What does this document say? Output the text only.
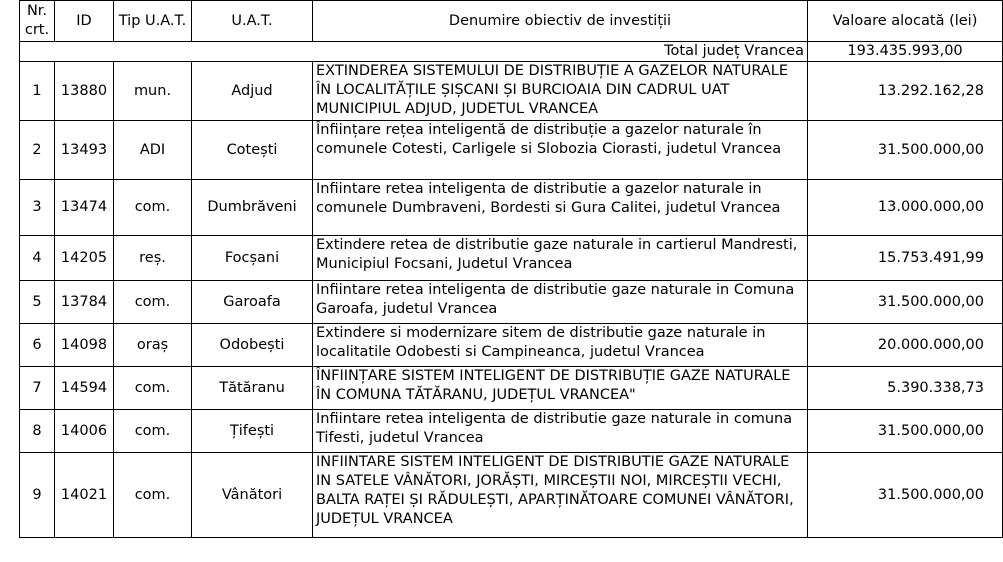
Nr. crt.	ID	Tip U.A.T.	U.A.T.	Denumire obiectiv de investiții	Valoare alocată (lei)
Total județ Vrancea					193.435.993,00
1	13880	mun.	Adjud	EXTINDEREA SISTEMULUI DE DISTRIBUȚIE A GAZELOR NATURALE ÎN LOCALITĂȚILE ȘIȘCANI ȘI BURCIOAIA DIN CADRUL UAT MUNICIPIUL ADJUD, JUDETUL VRANCEA	13.292.162,28
2	13493	ADI	Cotești	Înființare rețea inteligentă de distribuție a gazelor naturale în comunele Cotesti, Carligele si Slobozia Ciorasti, judetul Vrancea	31.500.000,00
3	13474	com.	Dumbrăveni	Infiintare retea inteligenta de distributie a gazelor naturale in comunele Dumbraveni, Bordesti si Gura Calitei, judetul Vrancea	13.000.000,00
4	14205	reș.	Focșani	Extindere retea de distributie gaze naturale in cartierul Mandresti, Municipiul Focsani, Judetul Vrancea	15.753.491,99
5	13784	com.	Garoafa	Infiintare retea inteligenta de distributie gaze naturale in Comuna Garoafa, judetul Vrancea	31.500.000,00
6	14098	oraș	Odobești	Extindere si modernizare sitem de distributie gaze naturale in localitatile Odobesti si Campineanca, judetul Vrancea	20.000.000,00
7	14594	com.	Tătăranu	ÎNFIINȚARE SISTEM INTELIGENT DE DISTRIBUȚIE GAZE NATURALE ÎN COMUNA TĂTĂRANU, JUDEȚUL VRANCEA"	5.390.338,73
8	14006	com.	Țifești	Infiintare retea inteligenta de distributie gaze naturale in comuna Tifesti, judetul Vrancea	31.500.000,00
9	14021	com.	Vânători	INFIINTARE SISTEM INTELIGENT DE DISTRIBUTIE GAZE NATURALE IN SATELE VÂNĂTORI, JORĂȘTI, MIRCEȘTII NOI, MIRCEȘTII VECHI, BALTA RAȚEI ȘI RĂDULEȘTI, APARȚINĂTOARE COMUNEI VÂNĂTORI, JUDEȚUL VRANCEA	31.500.000,00
